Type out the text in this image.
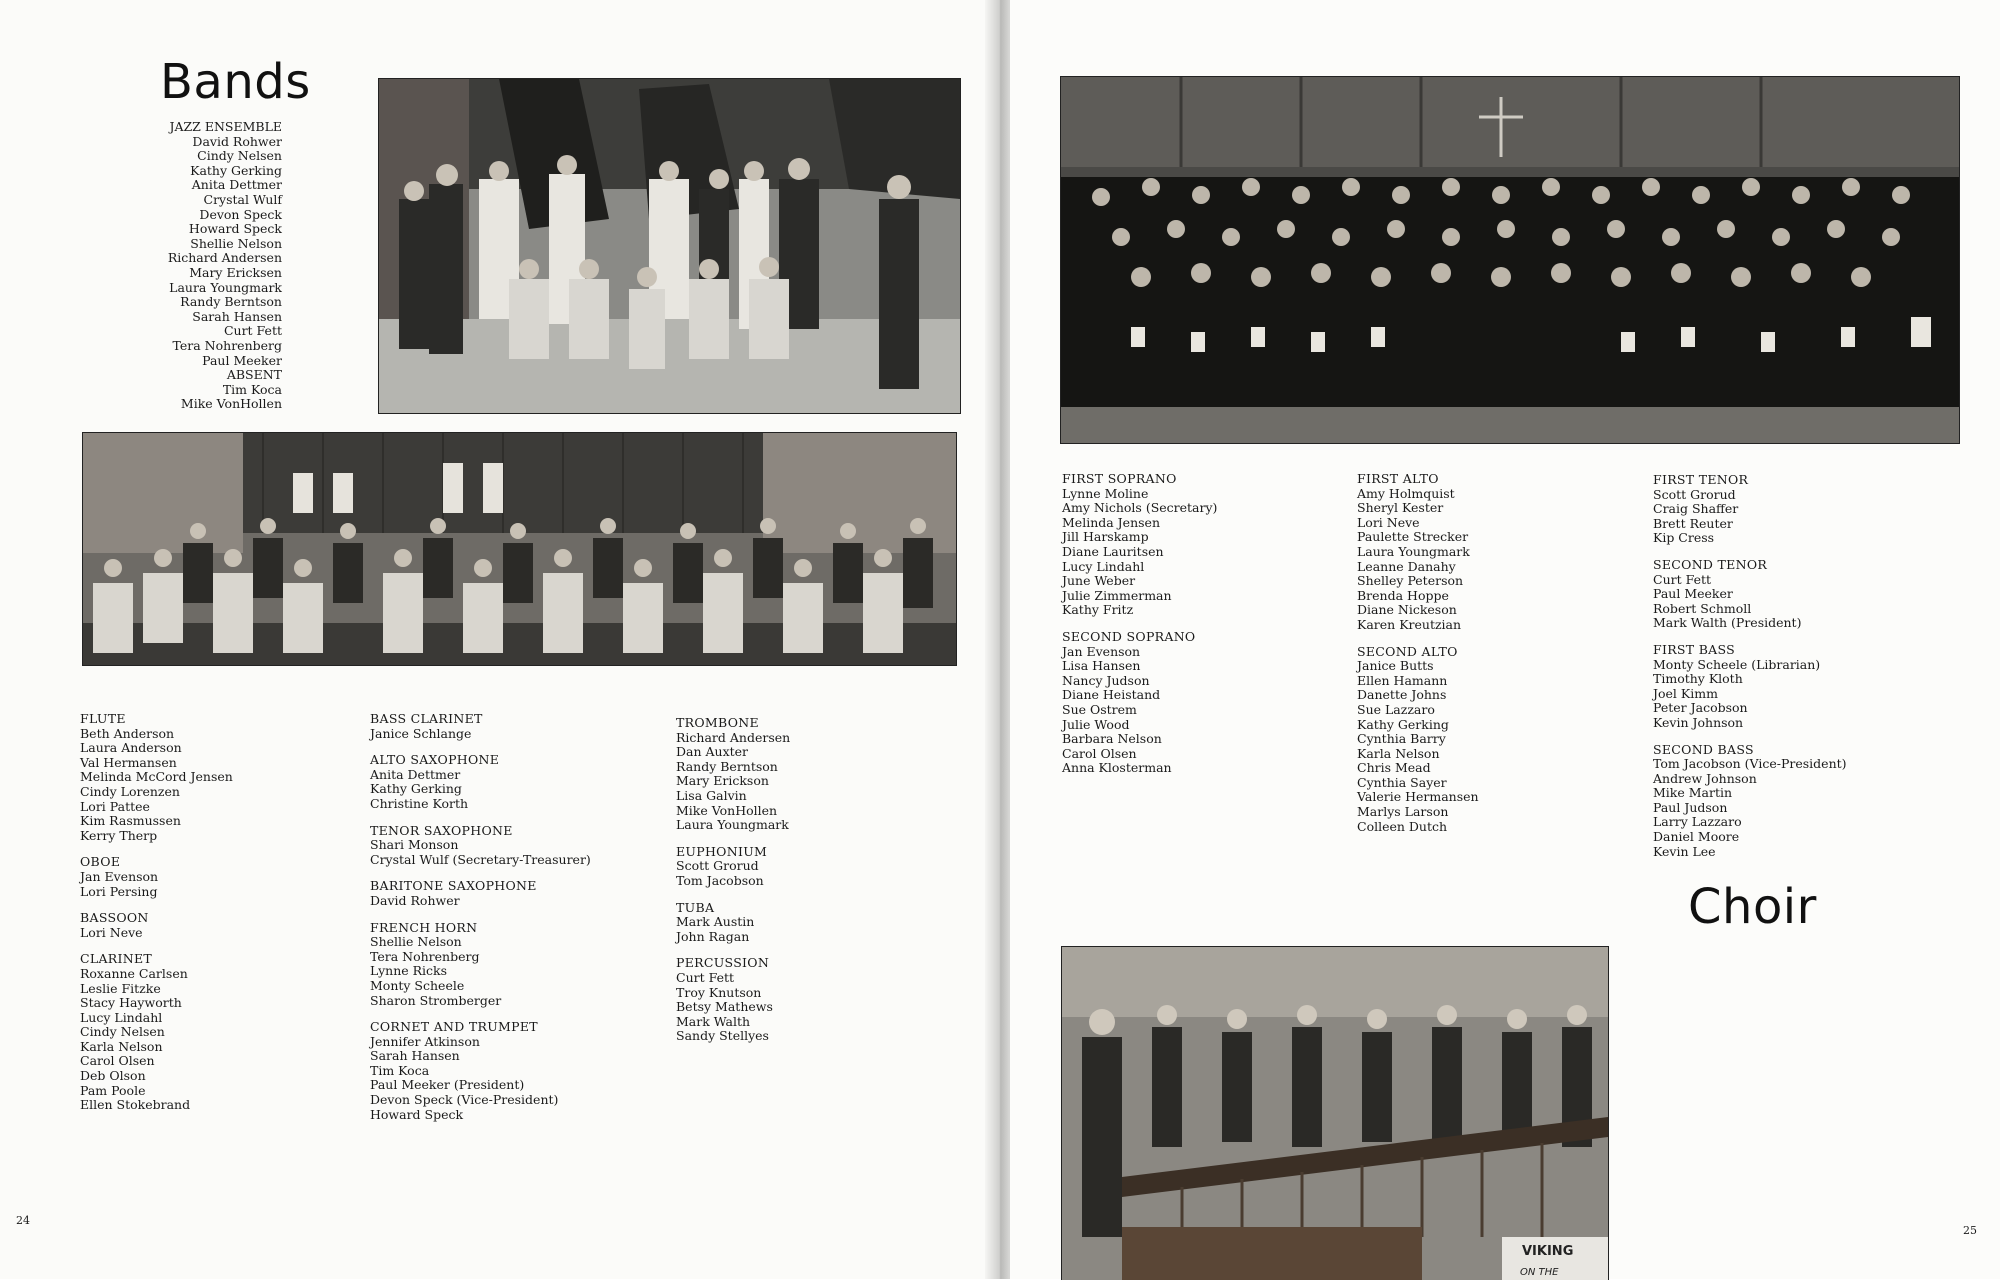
Bands
JAZZ ENSEMBLE
David Rohwer
Cindy Nelsen
Kathy Gerking
Anita Dettmer
Crystal Wulf
Devon Speck
Howard Speck
Shellie Nelson
Richard Andersen
Mary Ericksen
Laura Youngmark
Randy Berntson
Sarah Hansen
Curt Fett
Tera Nohrenberg
Paul Meeker
ABSENT
Tim Koca
Mike VonHollen
FLUTE
Beth Anderson
Laura Anderson
Val Hermansen
Melinda McCord Jensen
Cindy Lorenzen
Lori Pattee
Kim Rasmussen
Kerry Therp
OBOE
Jan Evenson
Lori Persing
BASSOON
Lori Neve
CLARINET
Roxanne Carlsen
Leslie Fitzke
Stacy Hayworth
Lucy Lindahl
Cindy Nelsen
Karla Nelson
Carol Olsen
Deb Olson
Pam Poole
Ellen Stokebrand
BASS CLARINET
Janice Schlange
ALTO SAXOPHONE
Anita Dettmer
Kathy Gerking
Christine Korth
TENOR SAXOPHONE
Shari Monson
Crystal Wulf (Secretary-Treasurer)
BARITONE SAXOPHONE
David Rohwer
FRENCH HORN
Shellie Nelson
Tera Nohrenberg
Lynne Ricks
Monty Scheele
Sharon Stromberger
CORNET AND TRUMPET
Jennifer Atkinson
Sarah Hansen
Tim Koca
Paul Meeker (President)
Devon Speck (Vice-President)
Howard Speck
TROMBONE
Richard Andersen
Dan Auxter
Randy Berntson
Mary Erickson
Lisa Galvin
Mike VonHollen
Laura Youngmark
EUPHONIUM
Scott Grorud
Tom Jacobson
TUBA
Mark Austin
John Ragan
PERCUSSION
Curt Fett
Troy Knutson
Betsy Mathews
Mark Walth
Sandy Stellyes
24
FIRST SOPRANO
Lynne Moline
Amy Nichols (Secretary)
Melinda Jensen
Jill Harskamp
Diane Lauritsen
Lucy Lindahl
June Weber
Julie Zimmerman
Kathy Fritz
SECOND SOPRANO
Jan Evenson
Lisa Hansen
Nancy Judson
Diane Heistand
Sue Ostrem
Julie Wood
Barbara Nelson
Carol Olsen
Anna Klosterman
FIRST ALTO
Amy Holmquist
Sheryl Kester
Lori Neve
Paulette Strecker
Laura Youngmark
Leanne Danahy
Shelley Peterson
Brenda Hoppe
Diane Nickeson
Karen Kreutzian
SECOND ALTO
Janice Butts
Ellen Hamann
Danette Johns
Sue Lazzaro
Kathy Gerking
Cynthia Barry
Karla Nelson
Chris Mead
Cynthia Sayer
Valerie Hermansen
Marlys Larson
Colleen Dutch
FIRST TENOR
Scott Grorud
Craig Shaffer
Brett Reuter
Kip Cress
SECOND TENOR
Curt Fett
Paul Meeker
Robert Schmoll
Mark Walth (President)
FIRST BASS
Monty Scheele (Librarian)
Timothy Kloth
Joel Kimm
Peter Jacobson
Kevin Johnson
SECOND BASS
Tom Jacobson (Vice-President)
Andrew Johnson
Mike Martin
Paul Judson
Larry Lazzaro
Daniel Moore
Kevin Lee
Choir
VIKING
ON THE
25
